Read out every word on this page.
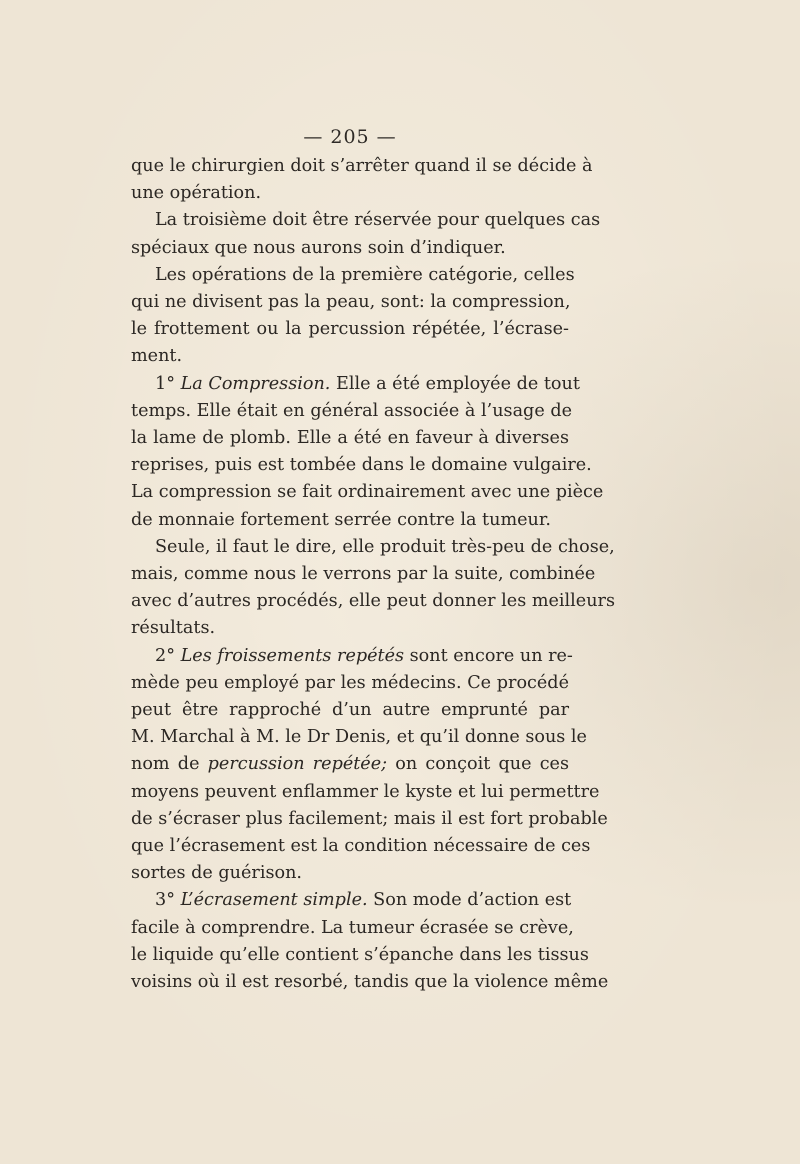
— 205 —
que le chirurgien doit s’arrêter quand il se décide à
une opération.
La troisième doit être réservée pour quelques cas
spéciaux que nous aurons soin d’indiquer.
Les opérations de la première catégorie, celles
qui ne divisent pas la peau, sont: la compression,
le frottement ou la percussion répétée, l’écrase-
ment.
1° La Compression. Elle a été employée de tout
temps. Elle était en général associée à l’usage de
la lame de plomb. Elle a été en faveur à diverses
reprises, puis est tombée dans le domaine vulgaire.
La compression se fait ordinairement avec une pièce
de monnaie fortement serrée contre la tumeur.
Seule, il faut le dire, elle produit très-peu de chose,
mais, comme nous le verrons par la suite, combinée
avec d’autres procédés, elle peut donner les meilleurs
résultats.
2° Les froissements repétés sont encore un re-
mède peu employé par les médecins. Ce procédé
peut être rapproché d’un autre emprunté par
M. Marchal à M. le Dr Denis, et qu’il donne sous le
nom de percussion repétée; on conçoit que ces
moyens peuvent enflammer le kyste et lui permettre
de s’écraser plus facilement; mais il est fort probable
que l’écrasement est la condition nécessaire de ces
sortes de guérison.
3° L’écrasement simple. Son mode d’action est
facile à comprendre. La tumeur écrasée se crève,
le liquide qu’elle contient s’épanche dans les tissus
voisins où il est resorbé, tandis que la violence même
